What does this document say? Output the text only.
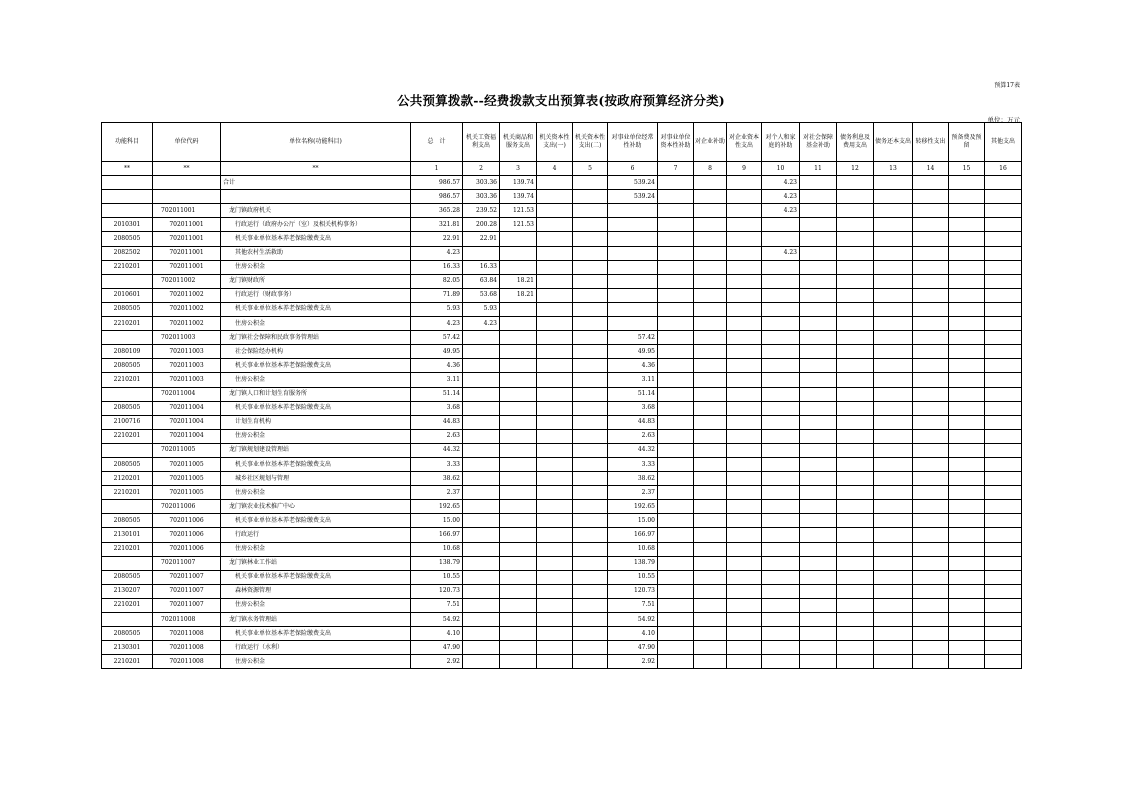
预算17表
公共预算拨款--经费拨款支出预算表(按政府预算经济分类)
单位：万元
功能科目	单位代码	单位名称(功能科目)	总　计	机关工资福利支出	机关商品和服务支出	机关资本性支出(一)	机关资本性支出(二)	对事业单位经常性补助	对事业单位资本性补助	对企业补助	对企业资本性支出	对个人和家庭的补助	对社会保障基金补助	债务利息及费用支出	债务还本支出	转移性支出	预备费及预留	其他支出
**	**	**	1	2	3	4	5	6	7	8	9	10	11	12	13	14	15	16
		合计	986.57	303.36	139.74			539.24				4.23						
			986.57	303.36	139.74			539.24				4.23						
	702011001	龙门镇政府机关	365.28	239.52	121.53							4.23						
2010301	702011001	行政运行（政府办公厅（室）及相关机构事务）	321.81	200.28	121.53													
2080505	702011001	机关事业单位基本养老保险缴费支出	22.91	22.91														
2082502	702011001	其他农村生活救助	4.23									4.23						
2210201	702011001	住房公积金	16.33	16.33														
	702011002	龙门镇财政所	82.05	63.84	18.21													
2010601	702011002	行政运行（财政事务）	71.89	53.68	18.21													
2080505	702011002	机关事业单位基本养老保险缴费支出	5.93	5.93														
2210201	702011002	住房公积金	4.23	4.23														
	702011003	龙门镇社会保障和民政事务管理站	57.42					57.42										
2080109	702011003	社会保险经办机构	49.95					49.95										
2080505	702011003	机关事业单位基本养老保险缴费支出	4.36					4.36										
2210201	702011003	住房公积金	3.11					3.11										
	702011004	龙门镇人口和计划生育服务所	51.14					51.14										
2080505	702011004	机关事业单位基本养老保险缴费支出	3.68					3.68										
2100716	702011004	计划生育机构	44.83					44.83										
2210201	702011004	住房公积金	2.63					2.63										
	702011005	龙门镇规划建设管理站	44.32					44.32										
2080505	702011005	机关事业单位基本养老保险缴费支出	3.33					3.33										
2120201	702011005	城乡社区规划与管理	38.62					38.62										
2210201	702011005	住房公积金	2.37					2.37										
	702011006	龙门镇农业技术推广中心	192.65					192.65										
2080505	702011006	机关事业单位基本养老保险缴费支出	15.00					15.00										
2130101	702011006	行政运行	166.97					166.97										
2210201	702011006	住房公积金	10.68					10.68										
	702011007	龙门镇林业工作站	138.79					138.79										
2080505	702011007	机关事业单位基本养老保险缴费支出	10.55					10.55										
2130207	702011007	森林资源管理	120.73					120.73										
2210201	702011007	住房公积金	7.51					7.51										
	702011008	龙门镇水务管理站	54.92					54.92										
2080505	702011008	机关事业单位基本养老保险缴费支出	4.10					4.10										
2130301	702011008	行政运行（水利）	47.90					47.90										
2210201	702011008	住房公积金	2.92					2.92										
